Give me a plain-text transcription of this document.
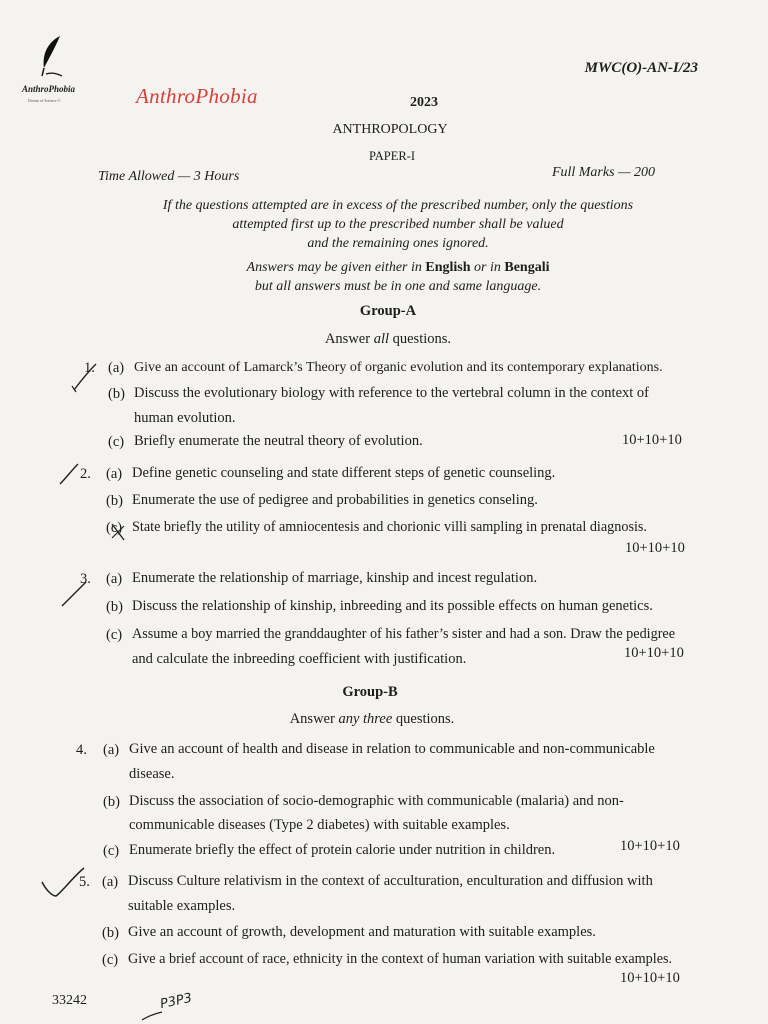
AnthroPhobia
Dream of Science ©	AnthroPhobia
MWC(O)-AN-I/23
2023
ANTHROPOLOGY
PAPER-I
Time Allowed — 3 Hours	Full Marks — 200
If the questions attempted are in excess of the prescribed number, only the questions
attempted first up to the prescribed number shall be valued
and the remaining ones ignored.
Answers may be given either in English or in Bengali
but all answers must be in one and same language.
Group-A
Answer all questions.
1. (a) Give an account of Lamarck’s Theory of organic evolution and its contemporary explanations.
(b) Discuss the evolutionary biology with reference to the vertebral column in the context of
human evolution.
(c) Briefly enumerate the neutral theory of evolution.	10+10+10
2. (a) Define genetic counseling and state different steps of genetic counseling.
(b) Enumerate the use of pedigree and probabilities in genetics conseling.
(c) State briefly the utility of amniocentesis and chorionic villi sampling in prenatal diagnosis.
10+10+10
3. (a) Enumerate the relationship of marriage, kinship and incest regulation.
(b) Discuss the relationship of kinship, inbreeding and its possible effects on human genetics.
(c) Assume a boy married the granddaughter of his father’s sister and had a son. Draw the pedigree
and calculate the inbreeding coefficient with justification.	10+10+10
Group-B
Answer any three questions.
4. (a) Give an account of health and disease in relation to communicable and non-communicable
disease.
(b) Discuss the association of socio-demographic with communicable (malaria) and non-
communicable diseases (Type 2 diabetes) with suitable examples.
(c) Enumerate briefly the effect of protein calorie under nutrition in children.	10+10+10
5. (a) Discuss Culture relativism in the context of acculturation, enculturation and diffusion with
suitable examples.
(b) Give an account of growth, development and maturation with suitable examples.
(c) Give a brief account of race, ethnicity in the context of human variation with suitable examples.
10+10+10
33242	P3P3
